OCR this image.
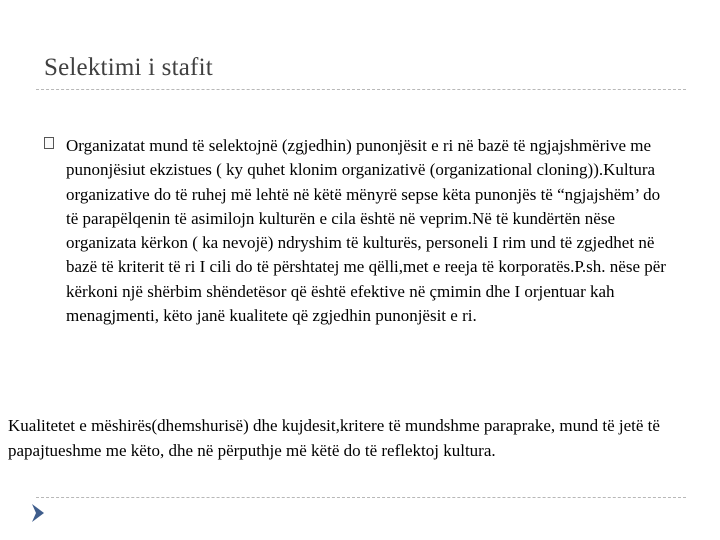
Selektimi i stafit

Organizatat mund të selektojnë (zgjedhin) punonjësit e ri në bazë të ngjajshmërive me punonjësiut ekzistues ( ky quhet klonim organizativë (organizational cloning)).Kultura organizative do të ruhej më lehtë në këtë mënyrë sepse këta punonjës të “ngjajshëm’ do të parapëlqenin të asimilojn kulturën e cila është në veprim.Në të kundërtën nëse organizata kërkon ( ka nevojë) ndryshim të kulturës, personeli I rim und të zgjedhet në bazë të kriterit të ri I cili do të përshtatej me qëlli,met e reeja të korporatës.P.sh. nëse për kërkoni një shërbim shëndetësor që është efektive në çmimin dhe I orjentuar kah menagjmenti, këto janë kualitete që zgjedhin punonjësit e ri.

Kualitetet e mëshirës(dhemshurisë) dhe kujdesit,kritere të mundshme paraprake, mund të jetë të papajtueshme me këto, dhe në përputhje më këtë do të reflektoj kultura.
